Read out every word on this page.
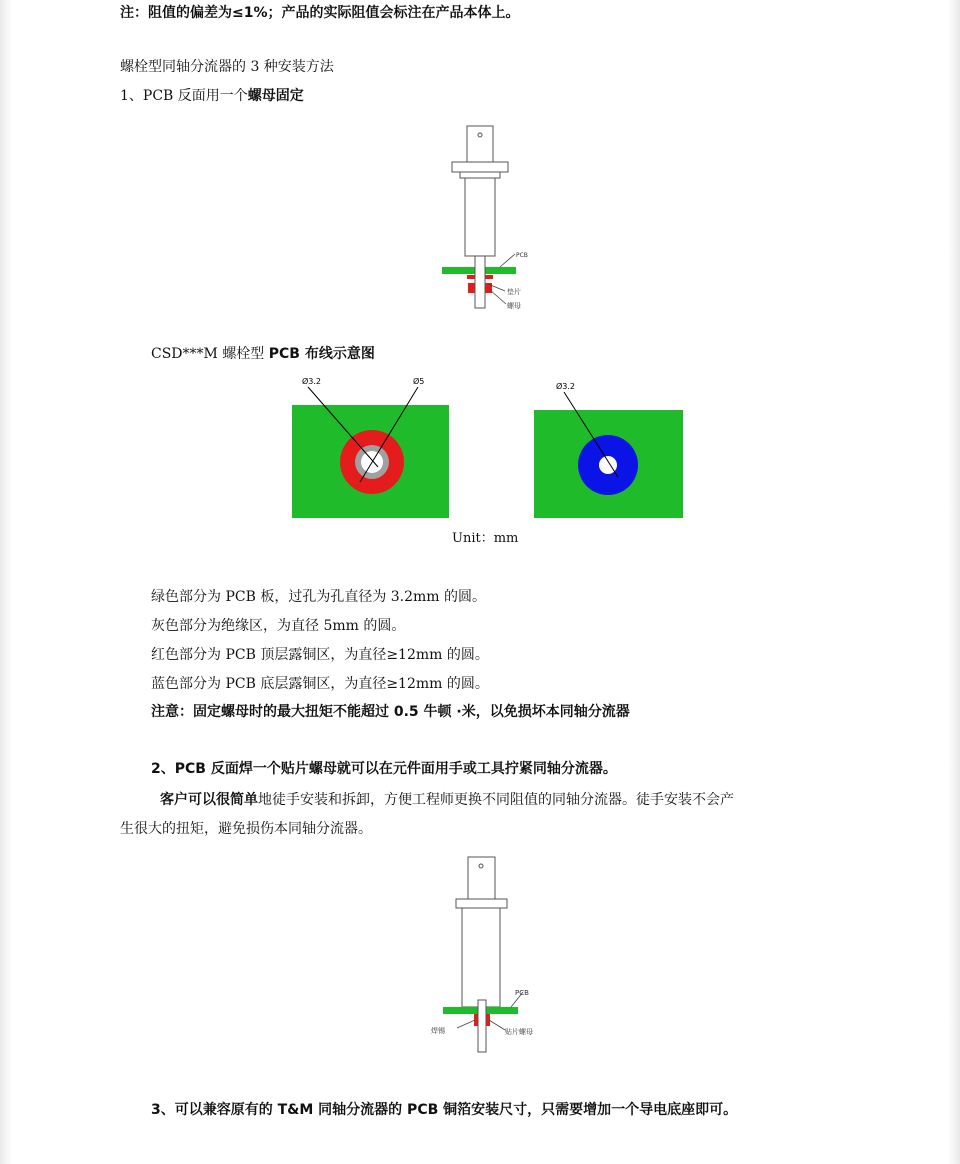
注：阻值的偏差为≤1%；产品的实际阻值会标注在产品本体上。
螺栓型同轴分流器的 3 种安装方法
1、PCB 反面用一个螺母固定
PCB
垫片
螺母
CSD***M 螺栓型 PCB 布线示意图
Ø3.2	Ø5
Ø3.2
Unit：mm
绿色部分为 PCB 板，过孔为孔直径为 3.2mm 的圆。
灰色部分为绝缘区，为直径 5mm 的圆。
红色部分为 PCB 顶层露铜区，为直径≥12mm 的圆。
蓝色部分为 PCB 底层露铜区，为直径≥12mm 的圆。
注意：固定螺母时的最大扭矩不能超过 0.5 牛顿 ·米，以免损坏本同轴分流器
2、PCB 反面焊一个贴片螺母就可以在元件面用手或工具拧紧同轴分流器。
客户可以很简单地徒手安装和拆卸，方便工程师更换不同阻值的同轴分流器。徒手安装不会产
生很大的扭矩，避免损伤本同轴分流器。
PCB
焊锡	贴片螺母
3、可以兼容原有的 T&M 同轴分流器的 PCB 铜箔安装尺寸，只需要增加一个导电底座即可。
